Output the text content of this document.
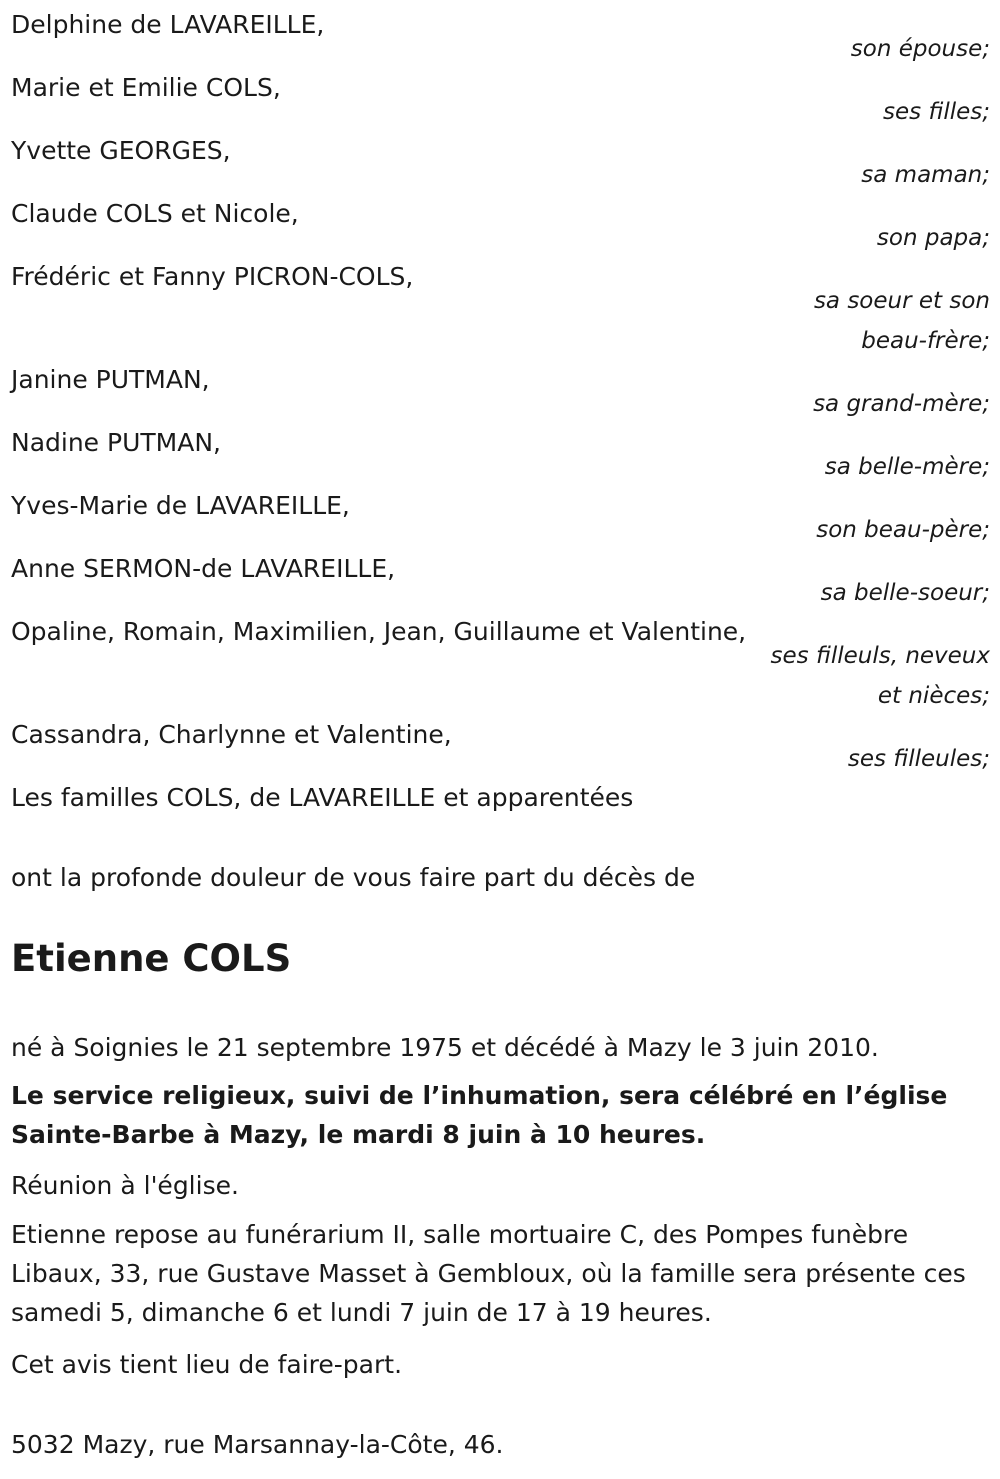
Delphine de LAVAREILLE,
son épouse;
Marie et Emilie COLS,
ses filles;
Yvette GEORGES,
sa maman;
Claude COLS et Nicole,
son papa;
Frédéric et Fanny PICRON-COLS,
sa soeur et son
beau-frère;
Janine PUTMAN,
sa grand-mère;
Nadine PUTMAN,
sa belle-mère;
Yves-Marie de LAVAREILLE,
son beau-père;
Anne SERMON-de LAVAREILLE,
sa belle-soeur;
Opaline, Romain, Maximilien, Jean, Guillaume et Valentine,
ses filleuls, neveux
et nièces;
Cassandra, Charlynne et Valentine,
ses filleules;
Les familles COLS, de LAVAREILLE et apparentées
ont la profonde douleur de vous faire part du décès de
Etienne COLS
né à Soignies le 21 septembre 1975 et décédé à Mazy le 3 juin 2010.
Le service religieux, suivi de l’inhumation, sera célébré en l’église Sainte-Barbe à Mazy, le mardi 8 juin à 10 heures.
Réunion à l'église.
Etienne repose au funérarium II, salle mortuaire C, des Pompes funèbre Libaux, 33, rue Gustave Masset à Gembloux, où la famille sera présente ces samedi 5, dimanche 6 et lundi 7 juin de 17 à 19 heures.
Cet avis tient lieu de faire-part.
5032 Mazy, rue Marsannay-la-Côte, 46.
